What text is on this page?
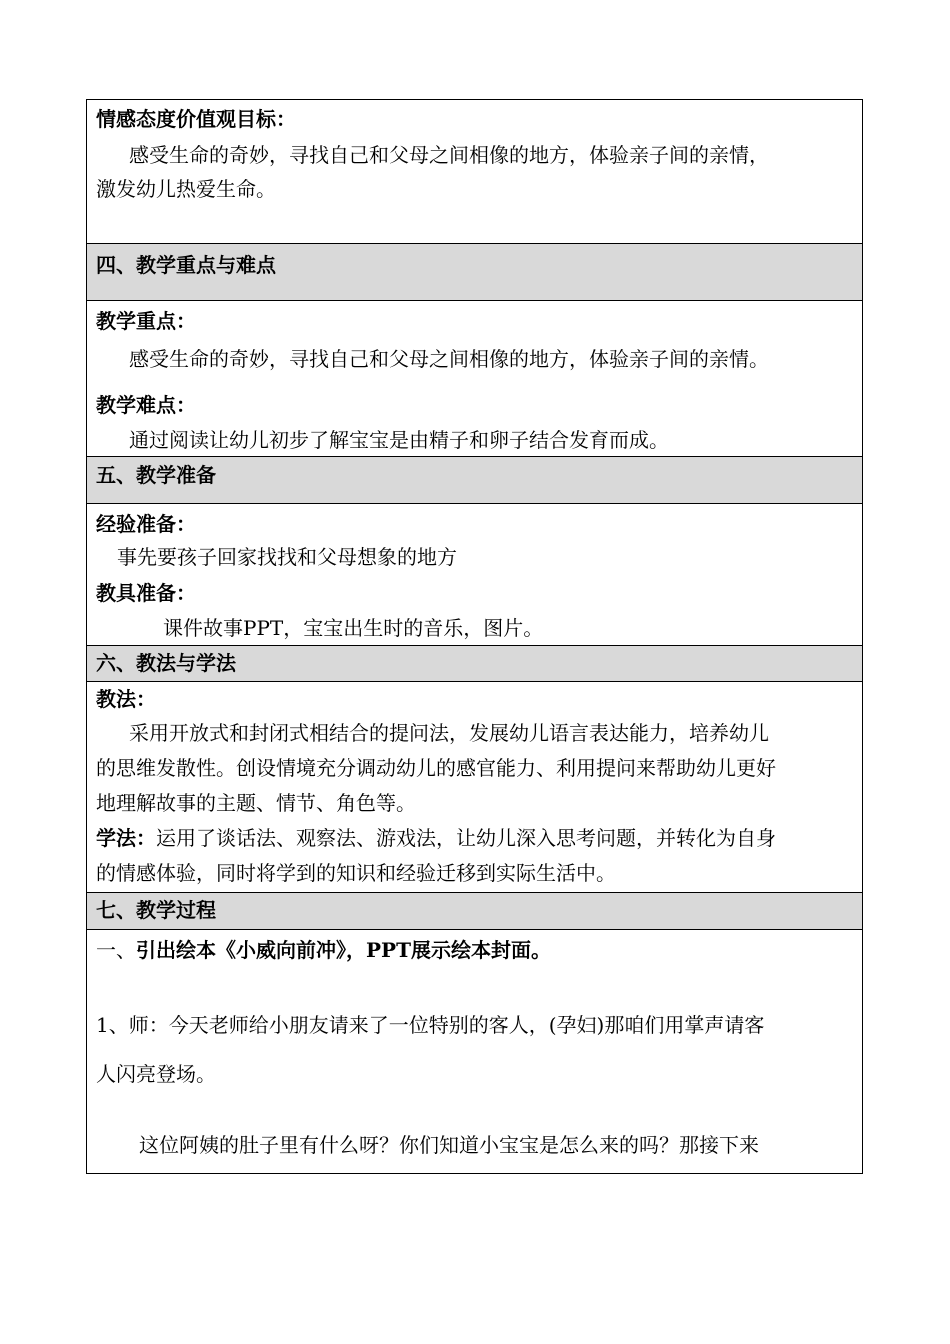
情感态度价值观目标：
感受生命的奇妙，寻找自己和父母之间相像的地方，体验亲子间的亲情，
激发幼儿热爱生命。
四、教学重点与难点
教学重点：
感受生命的奇妙，寻找自己和父母之间相像的地方，体验亲子间的亲情。
教学难点：
通过阅读让幼儿初步了解宝宝是由精子和卵子结合发育而成。
五、教学准备
经验准备：
事先要孩子回家找找和父母想象的地方
教具准备：
课件故事PPT，宝宝出生时的音乐，图片。
六、教法与学法
教法：
采用开放式和封闭式相结合的提问法，发展幼儿语言表达能力，培养幼儿
的思维发散性。创设情境充分调动幼儿的感官能力、利用提问来帮助幼儿更好
地理解故事的主题、情节、角色等。
学法：运用了谈话法、观察法、游戏法，让幼儿深入思考问题，并转化为自身
的情感体验，同时将学到的知识和经验迁移到实际生活中。
七、教学过程
一、引出绘本《小威向前冲》，PPT展示绘本封面。
1、师：今天老师给小朋友请来了一位特别的客人，(孕妇)那咱们用掌声请客
人闪亮登场。
这位阿姨的肚子里有什么呀？你们知道小宝宝是怎么来的吗？那接下来
